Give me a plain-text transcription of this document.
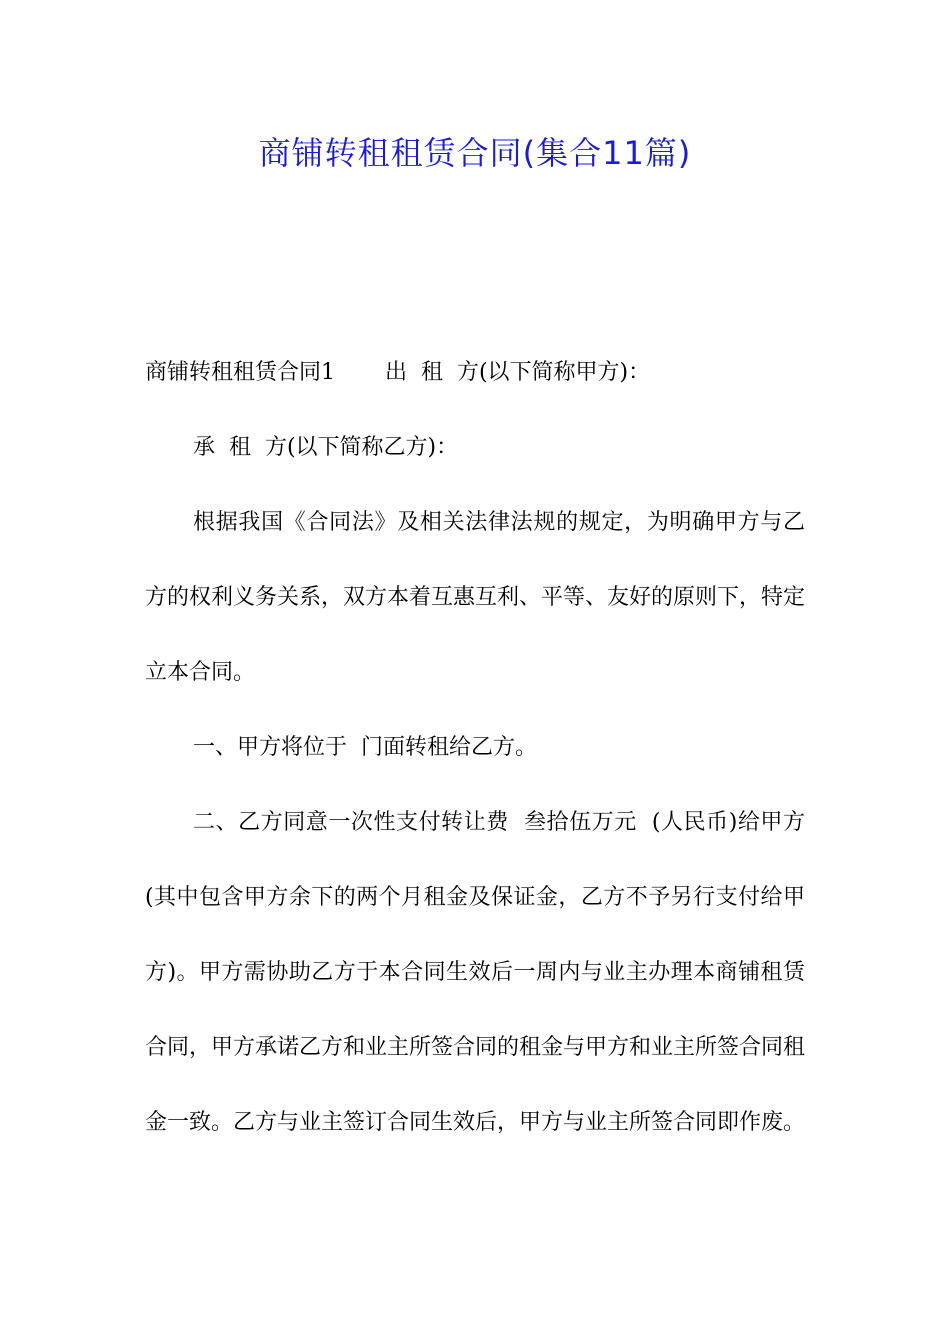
商铺转租租赁合同(集合11篇)

商铺转租租赁合同1 出  租  方(以下简称甲方)：

承  租  方(以下简称乙方)：

根据我国《合同法》及相关法律法规的规定，为明确甲方与乙方的权利义务关系，双方本着互惠互利、平等、友好的原则下，特定立本合同。

一、甲方将位于  门面转租给乙方。

二、乙方同意一次性支付转让费  叁拾伍万元  (人民币)给甲方(其中包含甲方余下的两个月租金及保证金，乙方不予另行支付给甲方)。甲方需协助乙方于本合同生效后一周内与业主办理本商铺租赁合同，甲方承诺乙方和业主所签合同的租金与甲方和业主所签合同租金一致。乙方与业主签订合同生效后，甲方与业主所签合同即作废。
